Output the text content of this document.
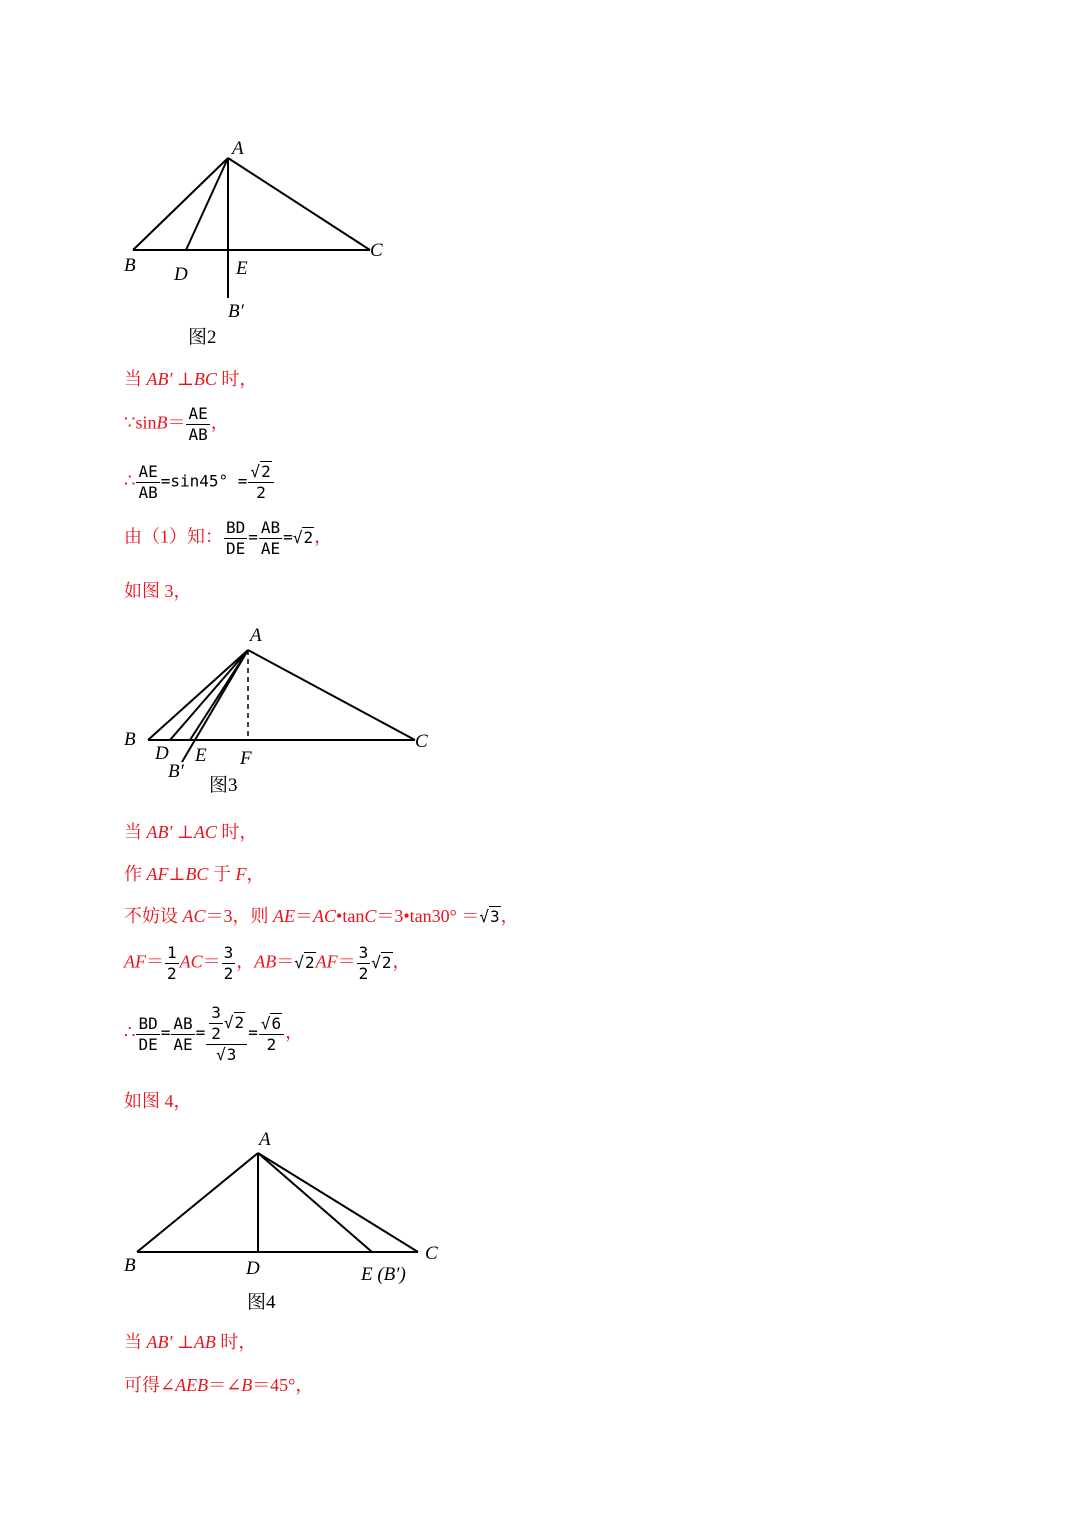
A
B
C
D	E
B′
图2
A
B	C
D E F
B′
图3
A
B
C
D	E (B′)
图4
当 AB′ ⊥BC 时，
∵sinB＝ $\frac{AE}{AB}$ ，
∴ $\frac{AE}{AB} =\sin 45^\circ = \frac{√2}{2}$
由（1）知： $\frac{BD}{DE} = \frac{AB}{AE} =√2$，
如图 3，
当 AB′ ⊥AC 时，
作 AF⊥BC 于 F，
不妨设 AC＝3，则 AE＝AC•tanC＝3•tan30° ＝√3，
$AF= \frac{1}{2} AC= \frac{3}{2}$ ，$AB=√2AF= \frac{3}{2} √2$，
∴ $\frac{BD}{DE} = \frac{AB}{AE} = \frac{\frac{3}{2} √2}{√3} = \frac{√6}{2}$ ，
如图 4，
当 AB′ ⊥AB 时，
可得∠AEB＝∠B＝45°，
